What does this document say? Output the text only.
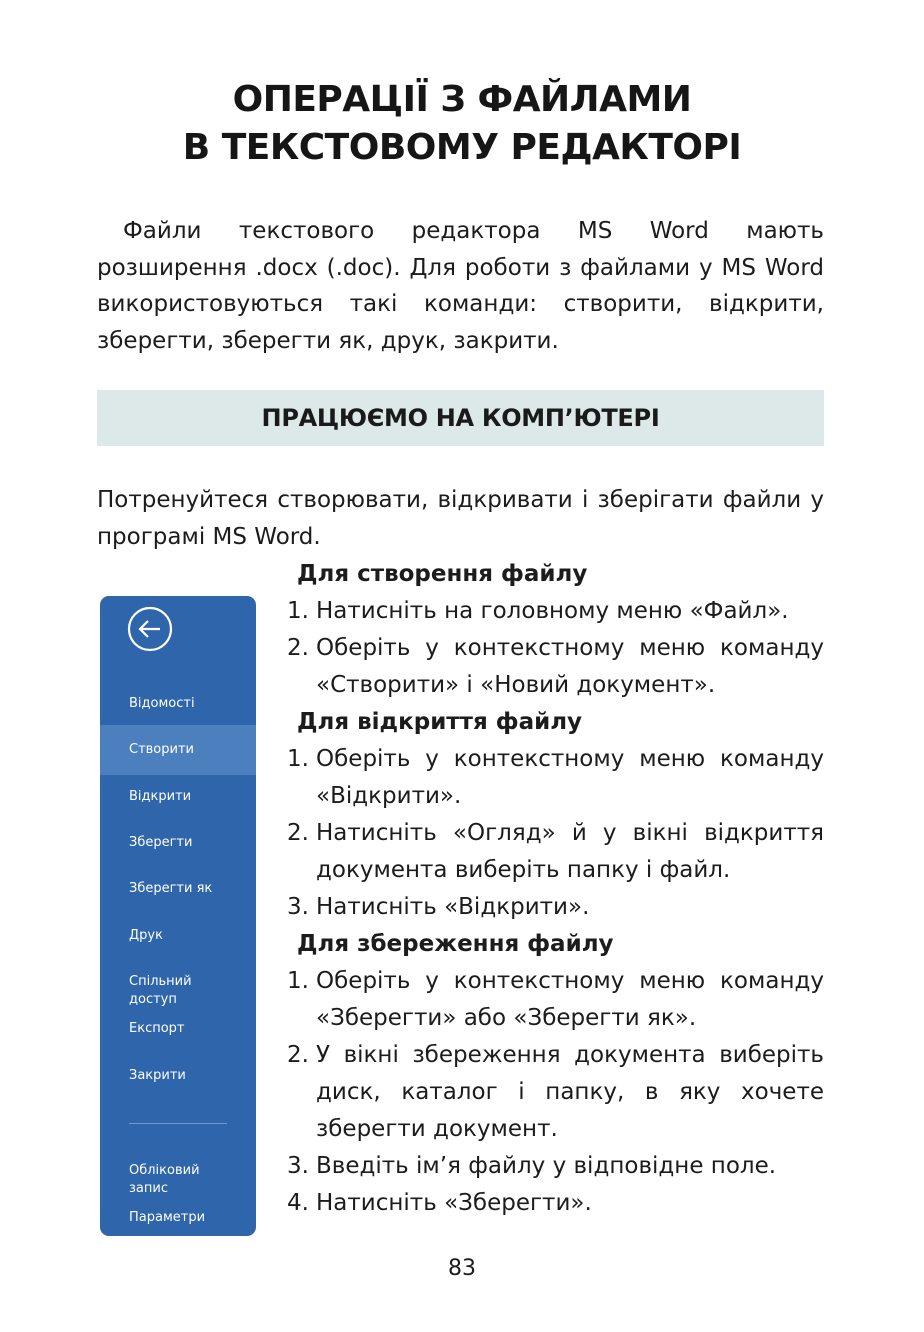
ОПЕРАЦІЇ З ФАЙЛАМИ
В ТЕКСТОВОМУ РЕДАКТОРІ

Файли текстового редактора MS Word мають розширення .docx (.doc). Для роботи з файлами у MS Word використовуються такі команди: створити, відкрити, зберегти, зберегти як, друк, закрити.

ПРАЦЮЄМО НА КОМП’ЮТЕРІ

Потренуйтеся створювати, відкривати і зберігати файли у програмі MS Word.

Відомості
Створити
Відкрити
Зберегти
Зберегти як
Друк
Спільний доступ
Експорт
Закрити
Обліковий запис
Параметри

Для створення файлу

1. Натисніть на головному меню «Файл».
2. Оберіть у контекстному меню команду «Створити» і «Новий документ».

Для відкриття файлу

1. Оберіть у контекстному меню команду «Відкрити».
2. Натисніть «Огляд» й у вікні відкриття документа виберіть папку і файл.
3. Натисніть «Відкрити».

Для збереження файлу

1. Оберіть у контекстному меню команду «Зберегти» або «Зберегти як».
2. У вікні збереження документа виберіть диск, каталог і папку, в яку хочете зберегти документ.
3. Введіть ім’я файлу у відповідне поле.
4. Натисніть «Зберегти».
83
